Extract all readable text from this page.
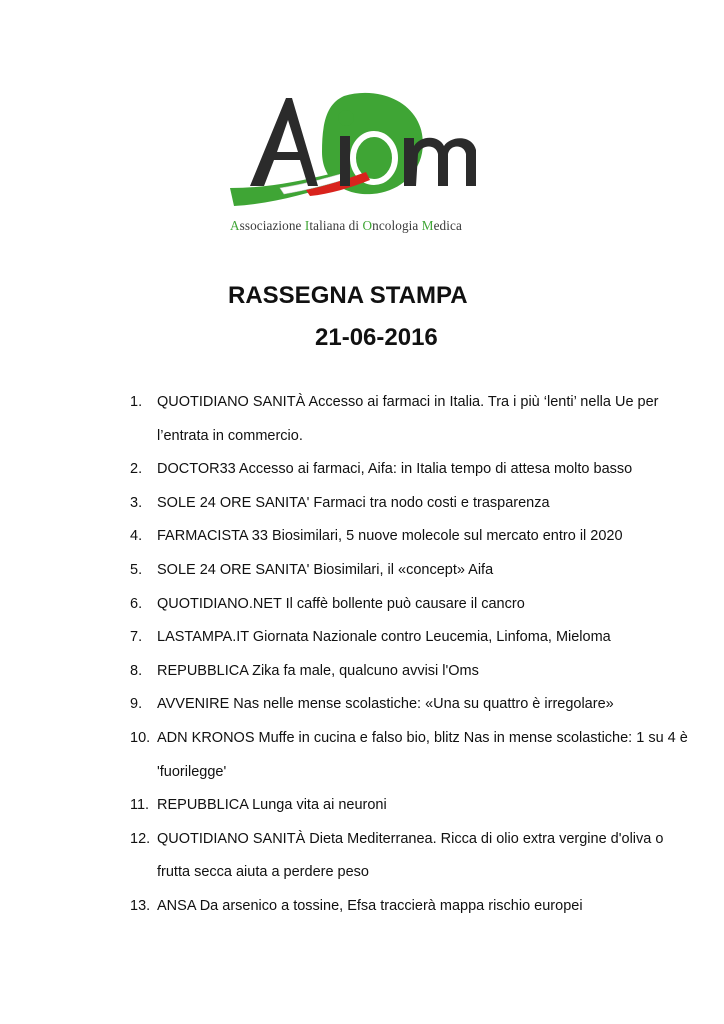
Associazione Italiana di Oncologia Medica
RASSEGNA STAMPA
21-06-2016
1.	QUOTIDIANO SANITÀ Accesso ai farmaci in Italia. Tra i più ‘lenti’ nella Ue per l’entrata in commercio.
2.	DOCTOR33 Accesso ai farmaci, Aifa: in Italia tempo di attesa molto basso
3.	SOLE 24 ORE SANITA' Farmaci tra nodo costi e trasparenza
4.	FARMACISTA 33 Biosimilari, 5 nuove molecole sul mercato entro il 2020
5.	SOLE 24 ORE SANITA' Biosimilari, il «concept» Aifa
6.	QUOTIDIANO.NET Il caffè bollente può causare il cancro
7.	LASTAMPA.IT Giornata Nazionale contro Leucemia, Linfoma, Mieloma
8.	REPUBBLICA Zika fa male, qualcuno avvisi l'Oms
9.	AVVENIRE Nas nelle mense scolastiche: «Una su quattro è irregolare»
10. ADN KRONOS Muffe in cucina e falso bio, blitz Nas in mense scolastiche: 1 su 4 è 'fuorilegge'
11. REPUBBLICA Lunga vita ai neuroni
12. QUOTIDIANO SANITÀ Dieta Mediterranea. Ricca di olio extra vergine d'oliva o frutta secca aiuta a perdere peso
13. ANSA Da arsenico a tossine, Efsa traccierà mappa rischio europei
